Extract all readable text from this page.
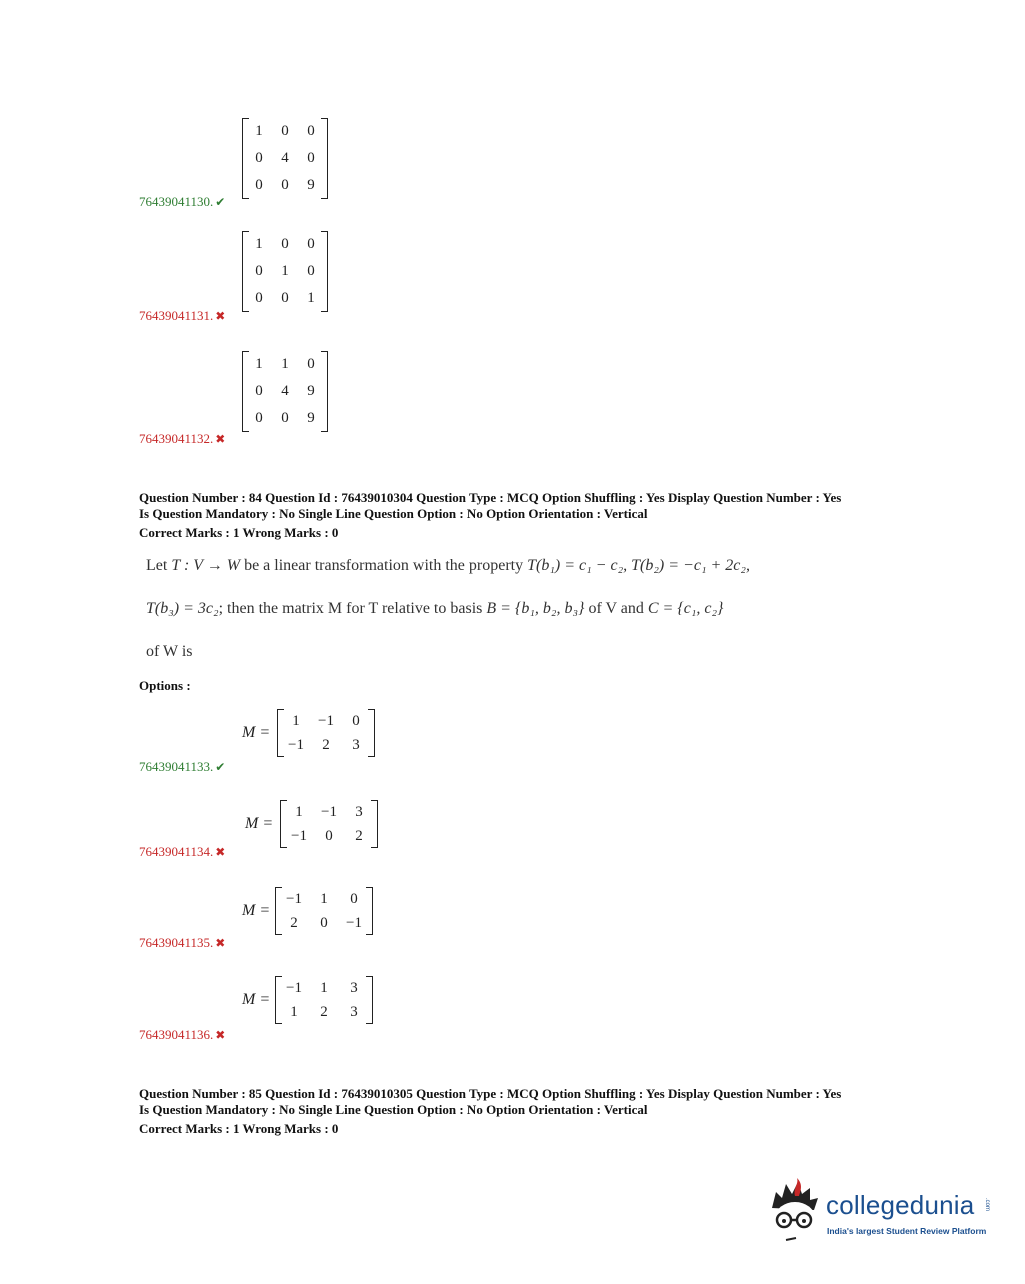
1	0	0
0	4	0
0	0	9
76439041130. ✔
1	0	0
0	1	0
0	0	1
76439041131. ✖
1	1	0
0	4	9
0	0	9
76439041132. ✖
Question Number : 84 Question Id : 76439010304 Question Type : MCQ Option Shuffling : Yes Display Question Number : Yes
Is Question Mandatory : No Single Line Question Option : No Option Orientation : Vertical
Correct Marks : 1 Wrong Marks : 0
Let T : V → W be a linear transformation with the property T(b₁) = c₁ − c₂, T(b₂) = −c₁ + 2c₂,
T(b₃) = 3c₂; then the matrix M for T relative to basis B = {b₁, b₂, b₃} of V and C = {c₁, c₂}
of W is
Options :
M =
1	−1	0
−1	2	3
76439041133. ✔
M =
1	−1	3
−1	0	2
76439041134. ✖
M =
−1	1	0
2	0	−1
76439041135. ✖
M =
−1	1	3
1	2	3
76439041136. ✖
Question Number : 85 Question Id : 76439010305 Question Type : MCQ Option Shuffling : Yes Display Question Number : Yes
Is Question Mandatory : No Single Line Question Option : No Option Orientation : Vertical
Correct Marks : 1 Wrong Marks : 0
collegedunia .com
India's largest Student Review Platform
